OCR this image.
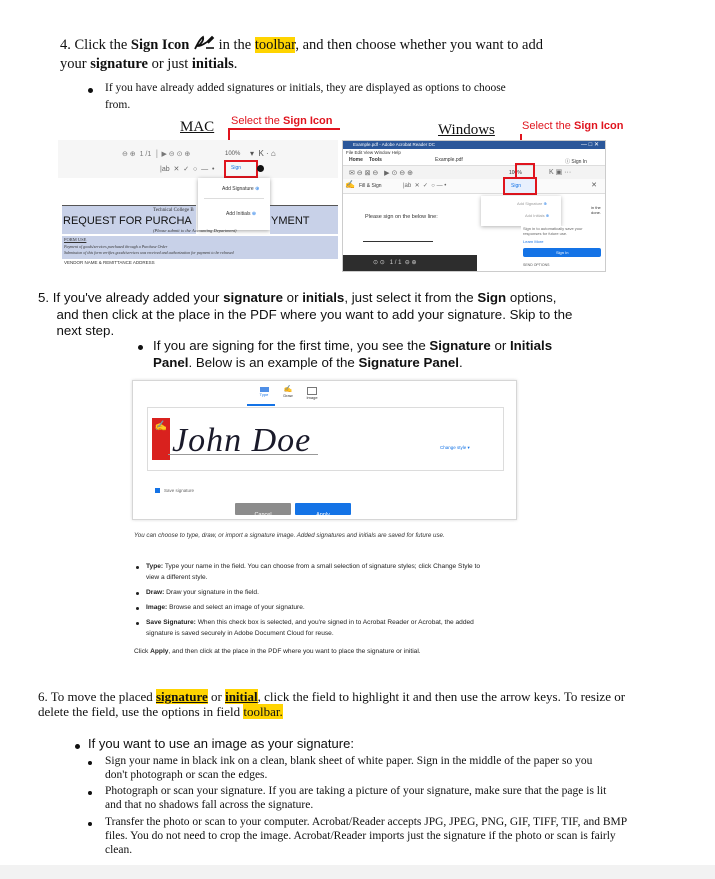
4. Click the Sign Icon  in the toolbar, and then choose whether you want to add
your signature or just initials.
If you have already added signatures or initials, they are displayed as options to choose
from.
MAC Select the Sign Icon
⊖ ⊕  1 /1  │ ▶ ⊝ ⊙ ⊕	100% ▾  K · ⌂
|ab  ✕  ✓  ○  —  •	Sign
Add Signature ⊕
Add Initials ⊕
Technical College B
REQUEST FOR PURCHA	YMENT
(Please submit to the Accounting Department)
FORM USE
Payment of goods/services purchased through a Purchase Order
Submission of this form verifies goods/services was received and authorization for payment to be released
VENDOR NAME & REMITTANCE ADDRESS
Windows Select the Sign Icon
Example.pdf - Adobe Acrobat Reader DC	— □ ✕
File Edit View Window Help
Home Tools	Example.pdf	ⓘ Sign In
✉ ⊖ ⊠ ⊖   ▶ ⊙ ⊖ ⊕	100%	K ▣ ···
✍ Fill & Sign	|ab  ✕  ✓  ○ — •	✕
Sign
Please sign on the below line:
⊙ ⊙   1 / 1  ⊖ ⊕
Add Signature ⊕
Add Initials ⊕
Sign in to automatically save your responses for future use.
Learn More
Sign In
SEND OPTIONS
in the
done.
5. If you've already added your signature or initials, just select it from the Sign options,
and then click at the place in the PDF where you want to add your signature. Skip to the
next step.
If you are signing for the first time, you see the Signature or Initials
Panel. Below is an example of the Signature Panel.
Type
✍
Draw	Image
✍ John Doe	Change style ▾
Save signature
Cancel	Apply
You can choose to type, draw, or import a signature image. Added signatures and initials are saved for future use.
Type: Type your name in the field. You can choose from a small selection of signature styles; click Change Style to
view a different style.
Draw: Draw your signature in the field.
Image: Browse and select an image of your signature.
Save Signature: When this check box is selected, and you're signed in to Acrobat Reader or Acrobat, the added
signature is saved securely in Adobe Document Cloud for reuse.
Click Apply, and then click at the place in the PDF where you want to place the signature or initial.
6. To move the placed signature or initial, click the field to highlight it and then use the arrow keys. To resize or
delete the field, use the options in field toolbar.
If you want to use an image as your signature:
Sign your name in black ink on a clean, blank sheet of white paper. Sign in the middle of the paper so you
don't photograph or scan the edges.
Photograph or scan your signature. If you are taking a picture of your signature, make sure that the page is lit
and that no shadows fall across the signature.
Transfer the photo or scan to your computer. Acrobat/Reader accepts JPG, JPEG, PNG, GIF, TIFF, TIF, and BMP
files. You do not need to crop the image. Acrobat/Reader imports just the signature if the photo or scan is fairly
clean.
